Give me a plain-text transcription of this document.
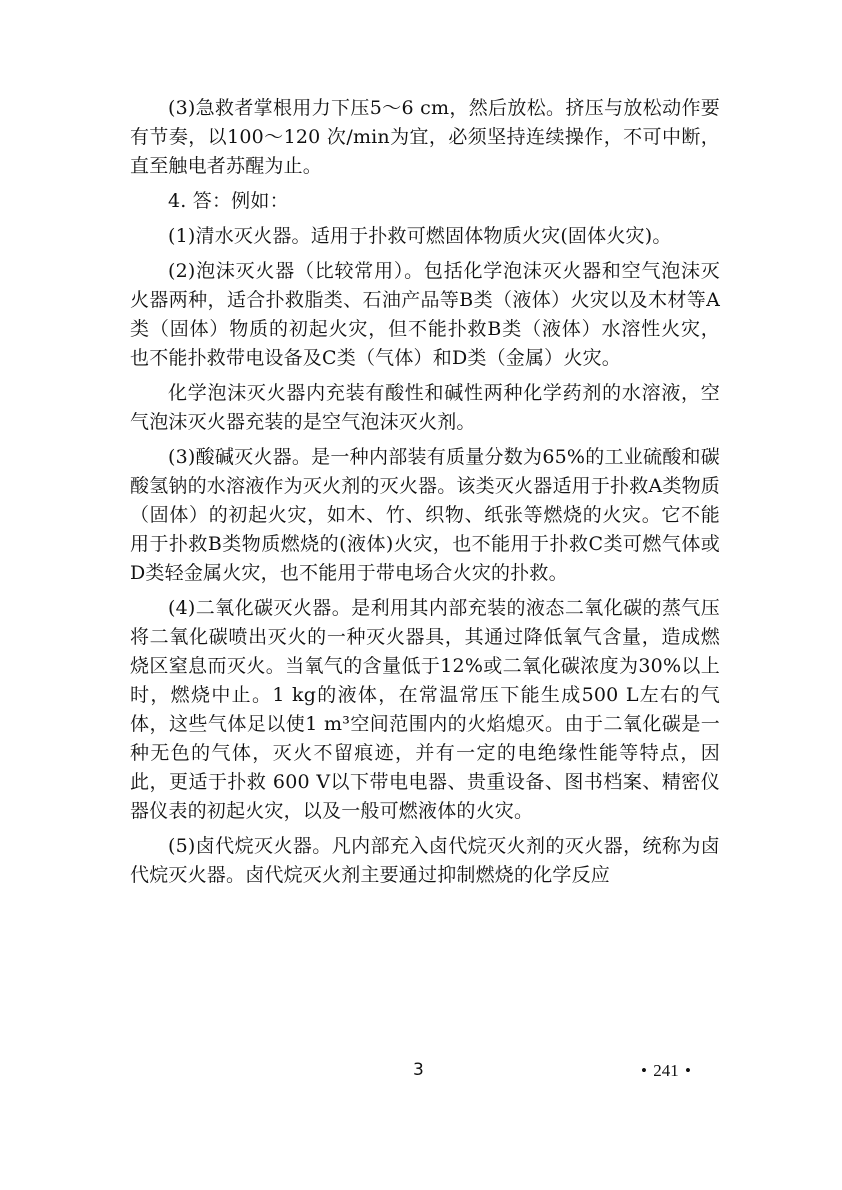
(3)急救者掌根用力下压5～6 cm，然后放松。挤压与放松动作要有节奏，以100～120 次/min为宜，必须坚持连续操作，不可中断，直至触电者苏醒为止。

4. 答：例如：

(1)清水灭火器。适用于扑救可燃固体物质火灾(固体火灾)。

(2)泡沫灭火器（比较常用）。包括化学泡沫灭火器和空气泡沫灭火器两种，适合扑救脂类、石油产品等B类（液体）火灾以及木材等A类（固体）物质的初起火灾，但不能扑救B类（液体）水溶性火灾，也不能扑救带电设备及C类（气体）和D类（金属）火灾。

化学泡沫灭火器内充装有酸性和碱性两种化学药剂的水溶液，空气泡沫灭火器充装的是空气泡沫灭火剂。

(3)酸碱灭火器。是一种内部装有质量分数为65%的工业硫酸和碳酸氢钠的水溶液作为灭火剂的灭火器。该类灭火器适用于扑救A类物质（固体）的初起火灾，如木、竹、织物、纸张等燃烧的火灾。它不能用于扑救B类物质燃烧的(液体)火灾，也不能用于扑救C类可燃气体或D类轻金属火灾，也不能用于带电场合火灾的扑救。

(4)二氧化碳灭火器。是利用其内部充装的液态二氧化碳的蒸气压将二氧化碳喷出灭火的一种灭火器具，其通过降低氧气含量，造成燃烧区窒息而灭火。当氧气的含量低于12%或二氧化碳浓度为30%以上时，燃烧中止。1 kg的液体，在常温常压下能生成500 L左右的气体，这些气体足以使1 m³空间范围内的火焰熄灭。由于二氧化碳是一种无色的气体，灭火不留痕迹，并有一定的电绝缘性能等特点，因此，更适于扑救 600 V以下带电电器、贵重设备、图书档案、精密仪器仪表的初起火灾，以及一般可燃液体的火灾。

(5)卤代烷灭火器。凡内部充入卤代烷灭火剂的灭火器，统称为卤代烷灭火器。卤代烷灭火剂主要通过抑制燃烧的化学反应

3	• 241 •
